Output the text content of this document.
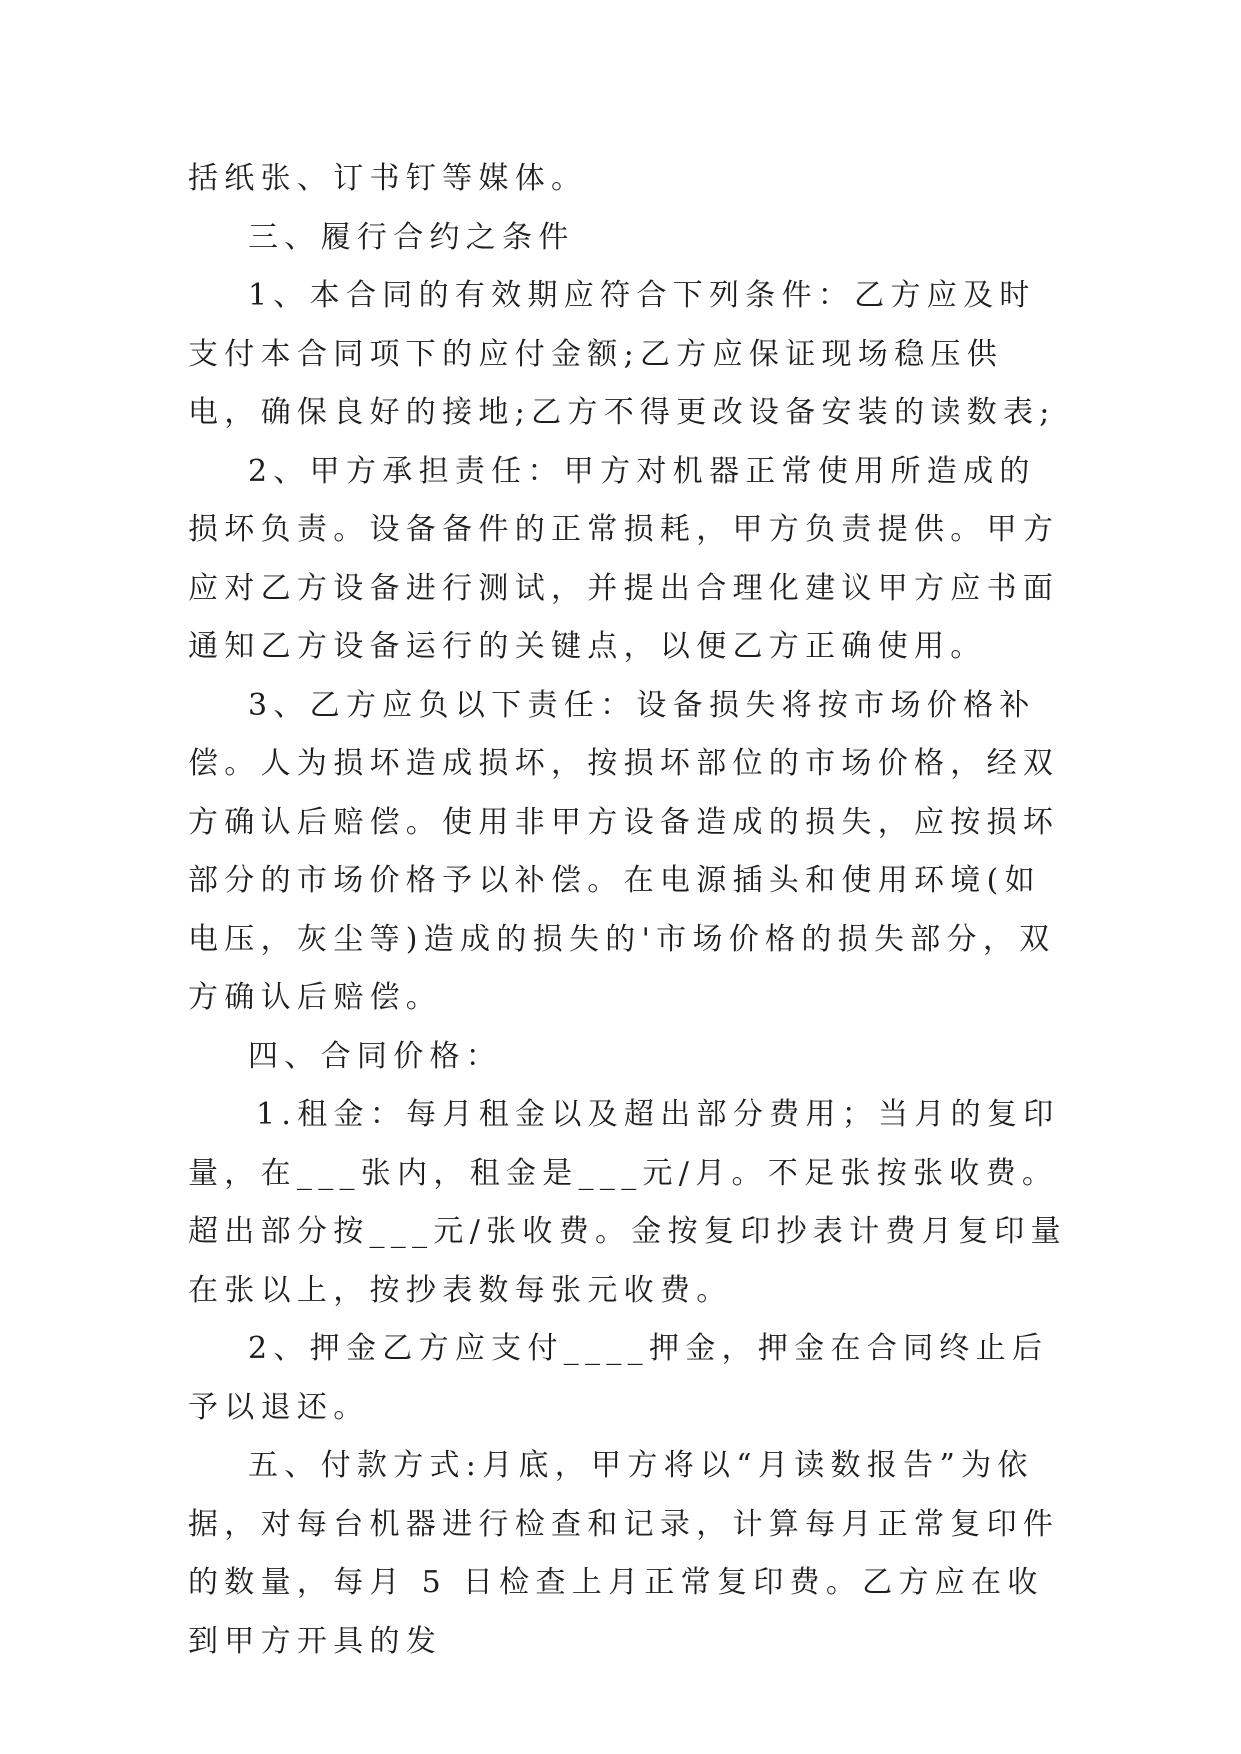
括纸张、订书钉等媒体。

三、履行合约之条件

1、本合同的有效期应符合下列条件：乙方应及时支付本合同项下的应付金额;乙方应保证现场稳压供电，确保良好的接地;乙方不得更改设备安装的读数表;

2、甲方承担责任：甲方对机器正常使用所造成的损坏负责。设备备件的正常损耗，甲方负责提供。甲方应对乙方设备进行测试，并提出合理化建议甲方应书面通知乙方设备运行的关键点，以便乙方正确使用。

3、乙方应负以下责任：设备损失将按市场价格补偿。人为损坏造成损坏，按损坏部位的市场价格，经双方确认后赔偿。使用非甲方设备造成的损失，应按损坏部分的市场价格予以补偿。在电源插头和使用环境(如电压，灰尘等)造成的损失的'市场价格的损失部分，双方确认后赔偿。

四、合同价格：

1.租金：每月租金以及超出部分费用；当月的复印量，在___张内，租金是___元/月。不足张按张收费。超出部分按___元/张收费。金按复印抄表计费月复印量在张以上，按抄表数每张元收费。

2、押金乙方应支付____押金，押金在合同终止后予以退还。

五、付款方式:月底，甲方将以“月读数报告”为依据，对每台机器进行检查和记录，计算每月正常复印件的数量，每月 5 日检查上月正常复印费。乙方应在收到甲方开具的发
